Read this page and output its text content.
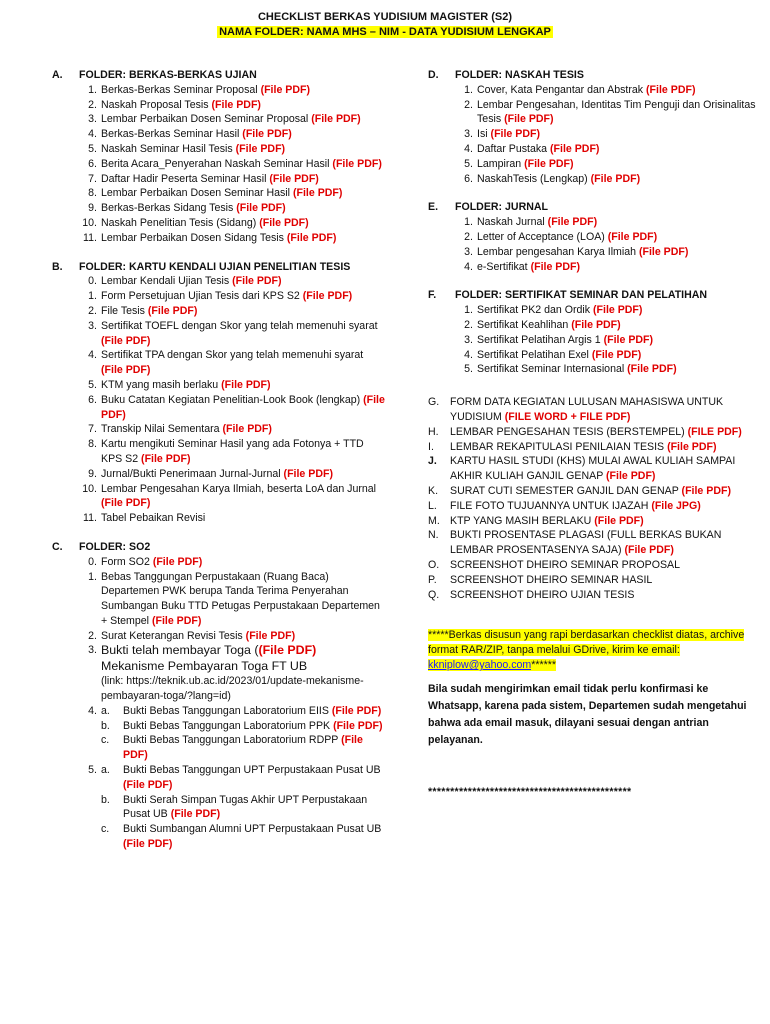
CHECKLIST BERKAS YUDISIUM MAGISTER (S2)
NAMA FOLDER: NAMA MHS – NIM - DATA YUDISIUM LENGKAP
A. FOLDER: BERKAS-BERKAS UJIAN
1. Berkas-Berkas Seminar Proposal (File PDF)
2. Naskah Proposal Tesis (File PDF)
3. Lembar Perbaikan Dosen Seminar Proposal (File PDF)
4. Berkas-Berkas Seminar Hasil (File PDF)
5. Naskah Seminar Hasil Tesis (File PDF)
6. Berita Acara_Penyerahan Naskah Seminar Hasil (File PDF)
7. Daftar Hadir Peserta Seminar Hasil (File PDF)
8. Lembar Perbaikan Dosen Seminar Hasil (File PDF)
9. Berkas-Berkas Sidang Tesis (File PDF)
10. Naskah Penelitian Tesis (Sidang) (File PDF)
11. Lembar Perbaikan Dosen Sidang Tesis (File PDF)
B. FOLDER: KARTU KENDALI UJIAN PENELITIAN TESIS
0. Lembar Kendali Ujian Tesis (File PDF)
1. Form Persetujuan Ujian Tesis dari KPS S2 (File PDF)
2. File Tesis (File PDF)
3. Sertifikat TOEFL dengan Skor yang telah memenuhi syarat (File PDF)
4. Sertifikat TPA dengan Skor yang telah memenuhi syarat (File PDF)
5. KTM yang masih berlaku (File PDF)
6. Buku Catatan Kegiatan Penelitian-Look Book (lengkap) (File PDF)
7. Transkip Nilai Sementara (File PDF)
8. Kartu mengikuti Seminar Hasil yang ada Fotonya + TTD KPS S2 (File PDF)
9. Jurnal/Bukti Penerimaan Jurnal-Jurnal (File PDF)
10. Lembar Pengesahan Karya Ilmiah, beserta LoA dan Jurnal (File PDF)
11. Tabel Pebaikan Revisi
C. FOLDER: SO2
0. Form SO2 (File PDF)
1. Bebas Tanggungan Perpustakaan (Ruang Baca) Departemen PWK berupa Tanda Terima Penyerahan Sumbangan Buku TTD Petugas Perpustakaan Departemen + Stempel (File PDF)
2. Surat Keterangan Revisi Tesis (File PDF)
3. Bukti telah membayar Toga ((File PDF)
Mekanisme Pembayaran Toga FT UB
(link: https://teknik.ub.ac.id/2023/01/update-mekanisme-pembayaran-toga/?lang=id)
4. a. Bukti Bebas Tanggungan Laboratorium EIIS (File PDF)
b. Bukti Bebas Tanggungan Laboratorium PPK (File PDF)
c. Bukti Bebas Tanggungan Laboratorium RDPP (File PDF)
5. a. Bukti Bebas Tanggungan UPT Perpustakaan Pusat UB (File PDF)
b. Bukti Serah Simpan Tugas Akhir UPT Perpustakaan Pusat UB (File PDF)
c. Bukti Sumbangan Alumni UPT Perpustakaan Pusat UB (File PDF)
D. FOLDER: NASKAH TESIS
1. Cover, Kata Pengantar dan Abstrak (File PDF)
2. Lembar Pengesahan, Identitas Tim Penguji dan Orisinalitas Tesis (File PDF)
3. Isi (File PDF)
4. Daftar Pustaka (File PDF)
5. Lampiran (File PDF)
6. NaskahTesis (Lengkap) (File PDF)
E. FOLDER: JURNAL
1. Naskah Jurnal (File PDF)
2. Letter of Acceptance (LOA) (File PDF)
3. Lembar pengesahan Karya Ilmiah (File PDF)
4. e-Sertifikat (File PDF)
F. FOLDER: SERTIFIKAT SEMINAR DAN PELATIHAN
1. Sertifikat PK2 dan Ordik (File PDF)
2. Sertifikat Keahlihan (File PDF)
3. Sertifikat Pelatihan Argis 1 (File PDF)
4. Sertifikat Pelatihan Exel (File PDF)
5. Sertifikat Seminar Internasional (File PDF)
G. FORM DATA KEGIATAN LULUSAN MAHASISWA UNTUK YUDISIUM (FILE WORD + FILE PDF)
H. LEMBAR PENGESAHAN TESIS (BERSTEMPEL) (FILE PDF)
I. LEMBAR REKAPITULASI PENILAIAN TESIS (File PDF)
J. KARTU HASIL STUDI (KHS) MULAI AWAL KULIAH SAMPAI AKHIR KULIAH GANJIL GENAP (File PDF)
K. SURAT CUTI SEMESTER GANJIL DAN GENAP (File PDF)
L. FILE FOTO TUJUANNYA UNTUK IJAZAH (File JPG)
M. KTP YANG MASIH BERLAKU (File PDF)
N. BUKTI PROSENTASE PLAGASI (FULL BERKAS BUKAN LEMBAR PROSENTASENYA SAJA) (File PDF)
O. SCREENSHOT DHEIRO SEMINAR PROPOSAL
P. SCREENSHOT DHEIRO SEMINAR HASIL
Q. SCREENSHOT DHEIRO UJIAN TESIS
*****Berkas disusun yang rapi berdasarkan checklist diatas, archive format RAR/ZIP, tanpa melalui GDrive, kirim ke email: kkniplow@yahoo.com******
Bila sudah mengirimkan email tidak perlu konfirmasi ke Whatsapp, karena pada sistem, Departemen sudah mengetahui bahwa ada email masuk, dilayani sesuai dengan antrian pelayanan.
**********************************************
